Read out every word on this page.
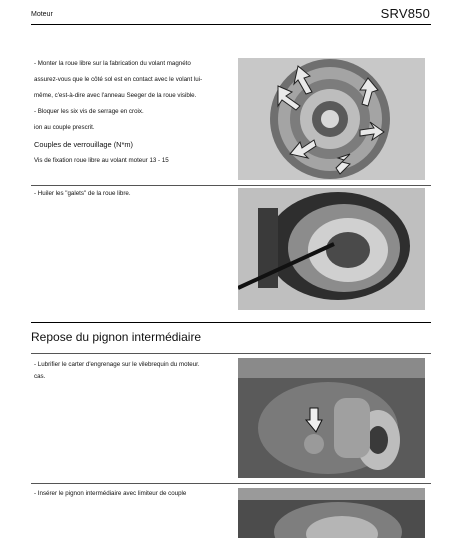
Moteur	SRV850
- Monter la roue libre sur la fabrication du volant magnéto
assurez-vous que le côté sol est en contact avec le volant lui-
même, c'est-à-dire avec l'anneau Seeger de la roue visible.
- Bloquer les six vis de serrage en croix.
ion au couple prescrit.
Couples de verrouillage (N*m)
Vis de fixation roue libre au volant moteur 13 - 15
- Huiler les "galets" de la roue libre.
Repose du pignon intermédiaire
- Lubrifier le carter d'engrenage sur le vilebrequin du moteur.
cas.
- Insérer le pignon intermédiaire avec limiteur de couple
